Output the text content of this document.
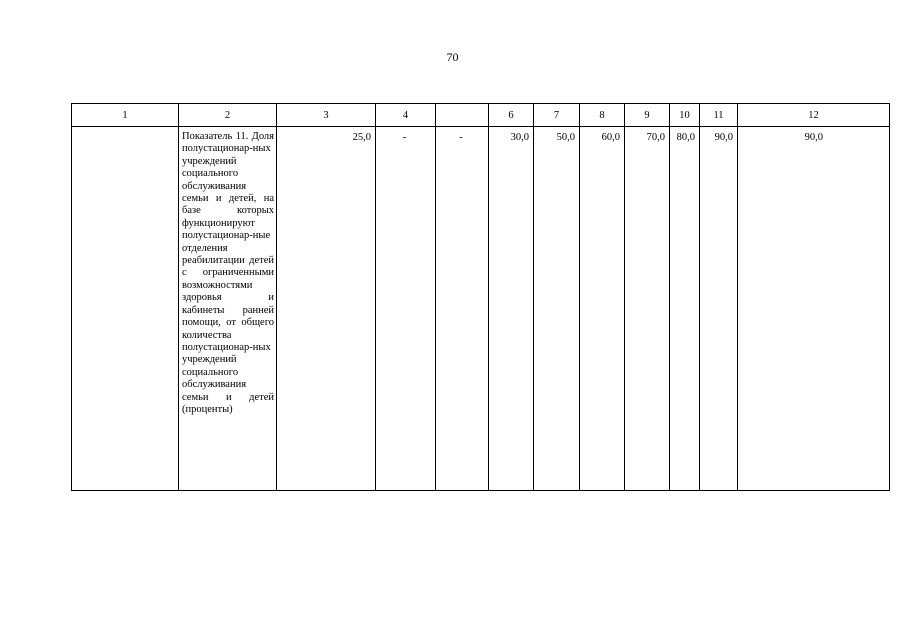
70
1	2	3	4		6	7	8	9	10	11	12
	Показатель 11. Доля полустационар-ных учреждений социального обслуживания семьи и детей, на базе которых функционируют полустационар-ные отделения реабилитации детей с ограниченными возможностями здоровья и кабинеты ранней помощи, от общего количества полустационар-ных учреждений социального обслуживания семьи и детей (проценты)	25,0	-	-	30,0	50,0	60,0	70,0	80,0	90,0	90,0
